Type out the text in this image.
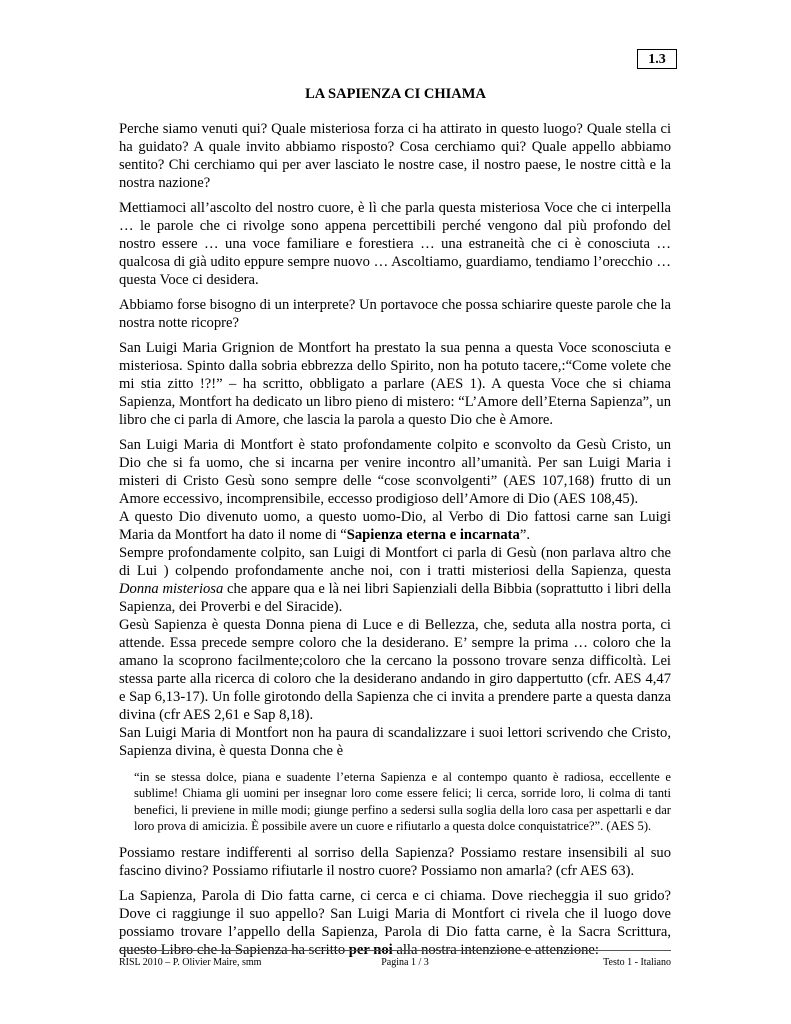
1.3
LA SAPIENZA CI CHIAMA

Perche siamo venuti qui? Quale misteriosa forza ci ha attirato in questo luogo? Quale stella ci ha guidato? A quale invito abbiamo risposto? Cosa cerchiamo qui? Quale appello abbiamo sentito? Chi cerchiamo qui per aver lasciato le nostre case, il nostro paese, le nostre città e la nostra nazione?

Mettiamoci all’ascolto del nostro cuore, è lì che parla questa misteriosa Voce che ci interpella … le parole che ci rivolge sono appena percettibili perché vengono dal più profondo del nostro essere … una voce familiare e forestiera … una estraneità che ci è conosciuta … qualcosa di già udito eppure sempre nuovo … Ascoltiamo, guardiamo, tendiamo l’orecchio … questa Voce ci desidera.

Abbiamo forse bisogno di un interprete? Un portavoce che possa schiarire queste parole che la nostra notte ricopre?

San Luigi Maria Grignion de Montfort ha prestato la sua penna a questa Voce sconosciuta e misteriosa. Spinto dalla sobria ebbrezza dello Spirito, non ha potuto tacere,:“Come volete che mi stia zitto !?!” – ha scritto, obbligato a parlare (AES 1). A questa Voce che si chiama Sapienza, Montfort ha dedicato un libro pieno di mistero: “L’Amore dell’Eterna Sapienza”, un libro che ci parla di Amore, che lascia la parola a questo Dio che è Amore.

San Luigi Maria di Montfort è stato profondamente colpito e sconvolto da Gesù Cristo, un Dio che si fa uomo, che si incarna per venire incontro all’umanità. Per san Luigi Maria i misteri di Cristo Gesù sono sempre delle “cose sconvolgenti” (AES 107,168) frutto di un Amore eccessivo, incomprensibile, eccesso prodigioso dell’Amore di Dio (AES 108,45).

A questo Dio divenuto uomo, a questo uomo-Dio, al Verbo di Dio fattosi carne san Luigi Maria da Montfort ha dato il nome di “Sapienza eterna e incarnata”.

Sempre profondamente colpito, san Luigi di Montfort ci parla di Gesù (non parlava altro che di Lui ) colpendo profondamente anche noi, con i tratti misteriosi della Sapienza, questa Donna misteriosa che appare qua e là nei libri Sapienziali della Bibbia (soprattutto i libri della Sapienza, dei Proverbi e del Siracide).

Gesù Sapienza è questa Donna piena di Luce e di Bellezza, che, seduta alla nostra porta, ci attende. Essa precede sempre coloro che la desiderano. E’ sempre la prima … coloro che la amano la scoprono facilmente;coloro che la cercano la possono trovare senza difficoltà. Lei stessa parte alla ricerca di coloro che la desiderano andando in giro dappertutto (cfr. AES 4,47 e Sap 6,13-17). Un folle girotondo della Sapienza che ci invita a prendere parte a questa danza divina (cfr AES 2,61 e Sap 8,18).

San Luigi Maria di Montfort non ha paura di scandalizzare i suoi lettori scrivendo che Cristo, Sapienza divina, è questa Donna che è

“in se stessa dolce, piana e suadente l’eterna Sapienza e al contempo quanto è radiosa, eccellente e sublime! Chiama gli uomini per insegnar loro come essere felici; li cerca, sorride loro, li colma di tanti benefici, li previene in mille modi; giunge perfino a sedersi sulla soglia della loro casa per aspettarli e dar loro prova di amicizia. È possibile avere un cuore e rifiutarlo a questa dolce conquistatrice?”. (AES 5).

Possiamo restare indifferenti al sorriso della Sapienza? Possiamo restare insensibili al suo fascino divino? Possiamo rifiutarle il nostro cuore? Possiamo non amarla? (cfr AES 63).

La Sapienza, Parola di Dio fatta carne, ci cerca e ci chiama. Dove riecheggia il suo grido? Dove ci raggiunge il suo appello? San Luigi Maria di Montfort ci rivela che il luogo dove possiamo trovare l’appello della Sapienza, Parola di Dio fatta carne, è la Sacra Scrittura, questo Libro che la Sapienza ha scritto per noi alla nostra intenzione e attenzione:

RISL 2010 – P. Olivier Maire, smm	Pagina 1 / 3	Testo 1 - Italiano
